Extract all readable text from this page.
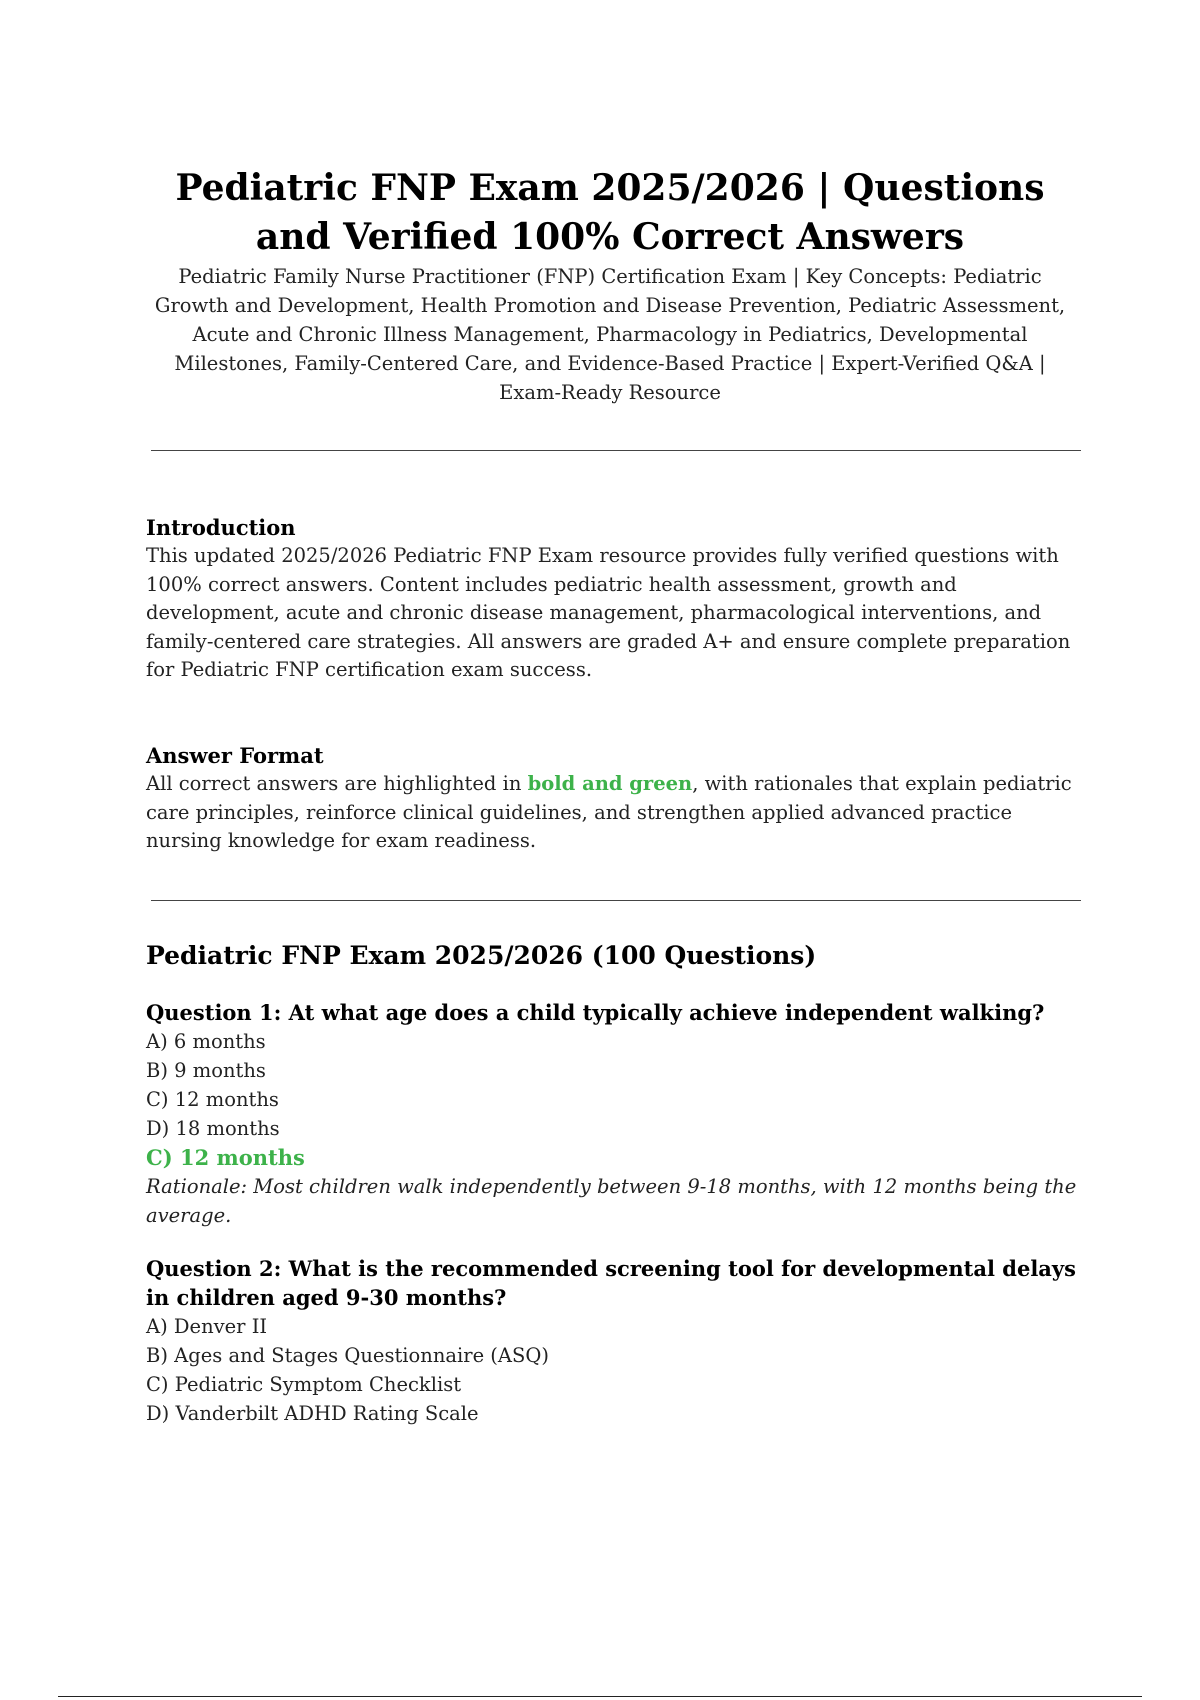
Pediatric FNP Exam 2025/2026 | Questions and Verified 100% Correct Answers

Pediatric Family Nurse Practitioner (FNP) Certification Exam | Key Concepts: Pediatric Growth and Development, Health Promotion and Disease Prevention, Pediatric Assessment, Acute and Chronic Illness Management, Pharmacology in Pediatrics, Developmental Milestones, Family-Centered Care, and Evidence-Based Practice | Expert-Verified Q&A | Exam-Ready Resource

Introduction

This updated 2025/2026 Pediatric FNP Exam resource provides fully verified questions with 100% correct answers. Content includes pediatric health assessment, growth and development, acute and chronic disease management, pharmacological interventions, and family-centered care strategies. All answers are graded A+ and ensure complete preparation for Pediatric FNP certification exam success.

Answer Format

All correct answers are highlighted in bold and green, with rationales that explain pediatric care principles, reinforce clinical guidelines, and strengthen applied advanced practice nursing knowledge for exam readiness.

Pediatric FNP Exam 2025/2026 (100 Questions)

Question 1: At what age does a child typically achieve independent walking?

A) 6 months
B) 9 months
C) 12 months
D) 18 months

C) 12 months

Rationale: Most children walk independently between 9-18 months, with 12 months being the average.

Question 2: What is the recommended screening tool for developmental delays in children aged 9-30 months?

A) Denver II
B) Ages and Stages Questionnaire (ASQ)
C) Pediatric Symptom Checklist
D) Vanderbilt ADHD Rating Scale
